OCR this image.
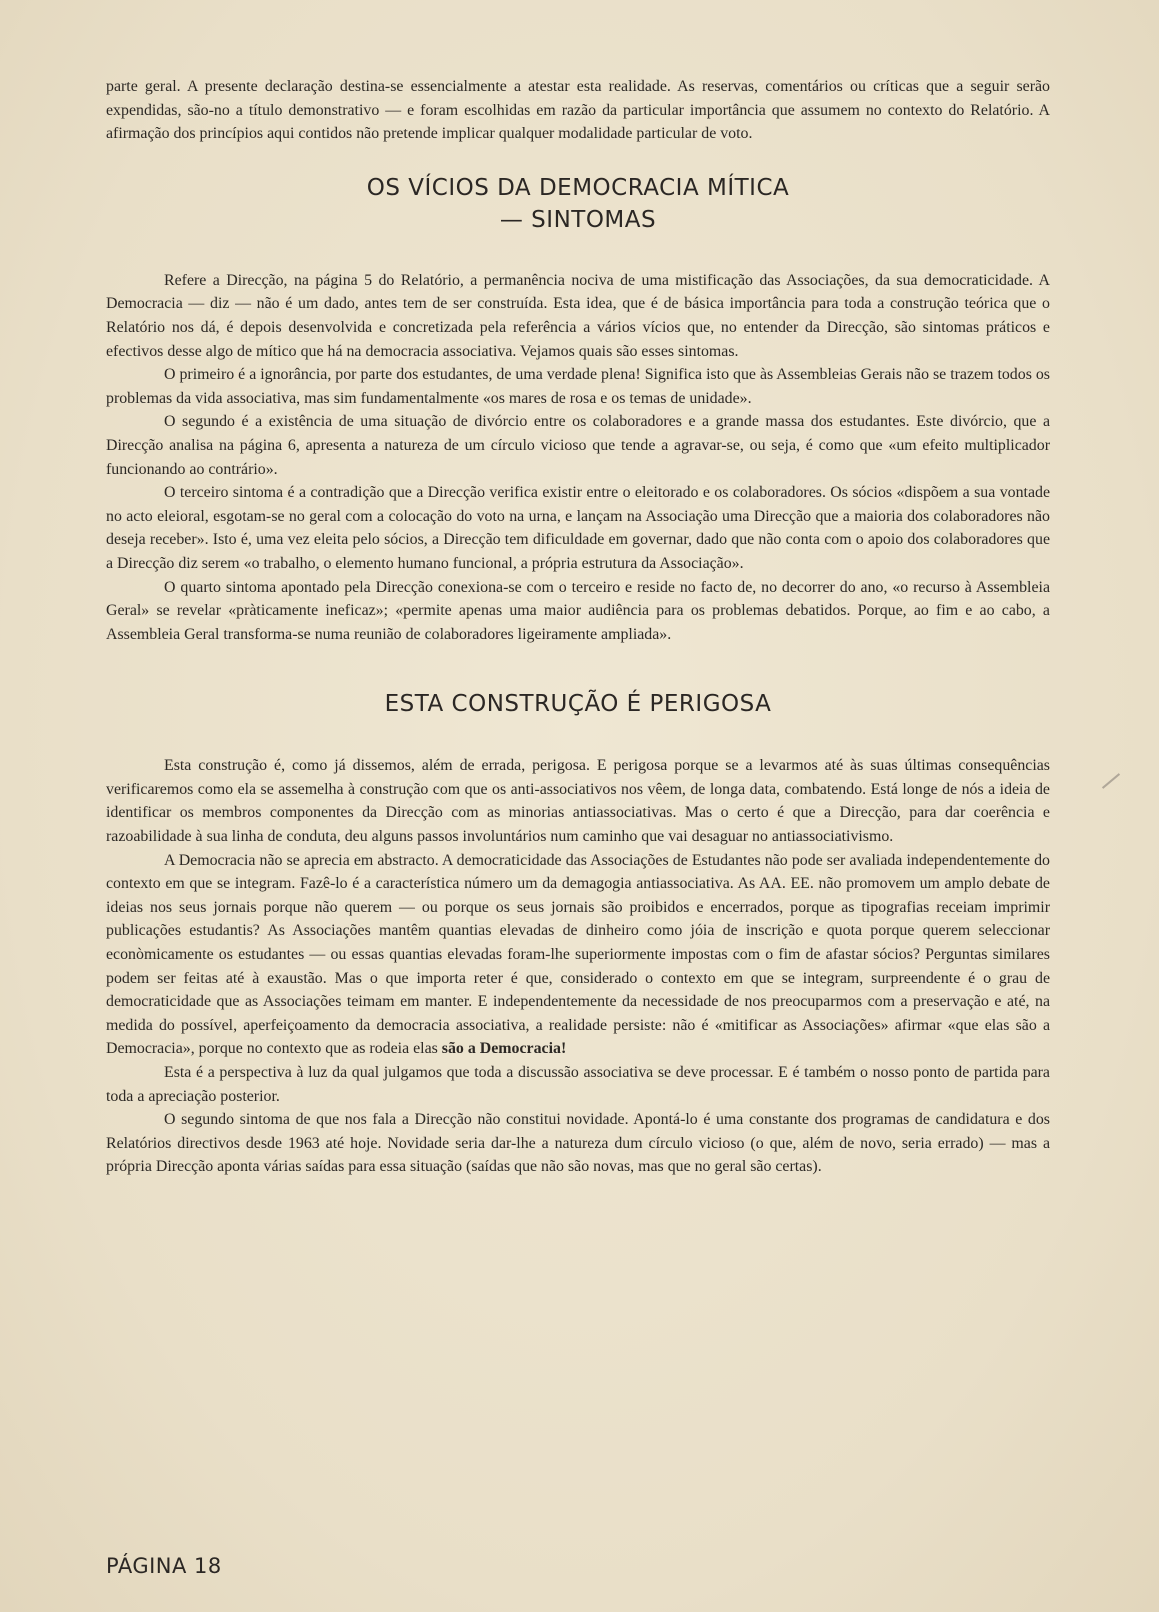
parte geral. A presente declaração destina-se essencialmente a atestar esta realidade. As reservas, comentários ou críticas que a seguir serão expendidas, são-no a título demonstrativo — e foram escolhidas em razão da particular importância que assumem no contexto do Relatório. A afirmação dos princípios aqui contidos não pretende implicar qualquer modalidade particular de voto.

OS VÍCIOS DA DEMOCRACIA MÍTICA
— SINTOMAS

Refere a Direcção, na página 5 do Relatório, a permanência nociva de uma mistificação das Associações, da sua democraticidade. A Democracia — diz — não é um dado, antes tem de ser construída. Esta idea, que é de básica importância para toda a construção teórica que o Relatório nos dá, é depois desenvolvida e concretizada pela referência a vários vícios que, no entender da Direcção, são sintomas práticos e efectivos desse algo de mítico que há na democracia associativa. Vejamos quais são esses sintomas.

O primeiro é a ignorância, por parte dos estudantes, de uma verdade plena! Significa isto que às Assembleias Gerais não se trazem todos os problemas da vida associativa, mas sim fundamentalmente «os mares de rosa e os temas de unidade».

O segundo é a existência de uma situação de divórcio entre os colaboradores e a grande massa dos estudantes. Este divórcio, que a Direcção analisa na página 6, apresenta a natureza de um círculo vicioso que tende a agravar-se, ou seja, é como que «um efeito multiplicador funcionando ao contrário».

O terceiro sintoma é a contradição que a Direcção verifica existir entre o eleitorado e os colaboradores. Os sócios «dispõem a sua vontade no acto eleioral, esgotam-se no geral com a colocação do voto na urna, e lançam na Associação uma Direcção que a maioria dos colaboradores não deseja receber». Isto é, uma vez eleita pelo sócios, a Direcção tem dificuldade em governar, dado que não conta com o apoio dos colaboradores que a Direcção diz serem «o trabalho, o elemento humano funcional, a própria estrutura da Associação».

O quarto sintoma apontado pela Direcção conexiona-se com o terceiro e reside no facto de, no decorrer do ano, «o recurso à Assembleia Geral» se revelar «pràticamente ineficaz»; «permite apenas uma maior audiência para os problemas debatidos. Porque, ao fim e ao cabo, a Assembleia Geral transforma-se numa reunião de colaboradores ligeiramente ampliada».

ESTA CONSTRUÇÃO É PERIGOSA

Esta construção é, como já dissemos, além de errada, perigosa. E perigosa porque se a levarmos até às suas últimas consequências verificaremos como ela se assemelha à construção com que os anti-associativos nos vêem, de longa data, combatendo. Está longe de nós a ideia de identificar os membros componentes da Direcção com as minorias antiassociativas. Mas o certo é que a Direcção, para dar coerência e razoabilidade à sua linha de conduta, deu alguns passos involuntários num caminho que vai desaguar no antiassociativismo.

A Democracia não se aprecia em abstracto. A democraticidade das Associações de Estudantes não pode ser avaliada independentemente do contexto em que se integram. Fazê-lo é a característica número um da demagogia antiassociativa. As AA. EE. não promovem um amplo debate de ideias nos seus jornais porque não querem — ou porque os seus jornais são proibidos e encerrados, porque as tipografias receiam imprimir publicações estudantis? As Associações mantêm quantias elevadas de dinheiro como jóia de inscrição e quota porque querem seleccionar econòmicamente os estudantes — ou essas quantias elevadas foram-lhe superiormente impostas com o fim de afastar sócios? Perguntas similares podem ser feitas até à exaustão. Mas o que importa reter é que, considerado o contexto em que se integram, surpreendente é o grau de democraticidade que as Associações teimam em manter. E independentemente da necessidade de nos preocuparmos com a preservação e até, na medida do possível, aperfeiçoamento da democracia associativa, a realidade persiste: não é «mitificar as Associações» afirmar «que elas são a Democracia», porque no contexto que as rodeia elas são a Democracia!

Esta é a perspectiva à luz da qual julgamos que toda a discussão associativa se deve processar. E é também o nosso ponto de partida para toda a apreciação posterior.

O segundo sintoma de que nos fala a Direcção não constitui novidade. Apontá-lo é uma constante dos programas de candidatura e dos Relatórios directivos desde 1963 até hoje. Novidade seria dar-lhe a natureza dum círculo vicioso (o que, além de novo, seria errado) — mas a própria Direcção aponta várias saídas para essa situação (saídas que não são novas, mas que no geral são certas).

PÁGINA 18
